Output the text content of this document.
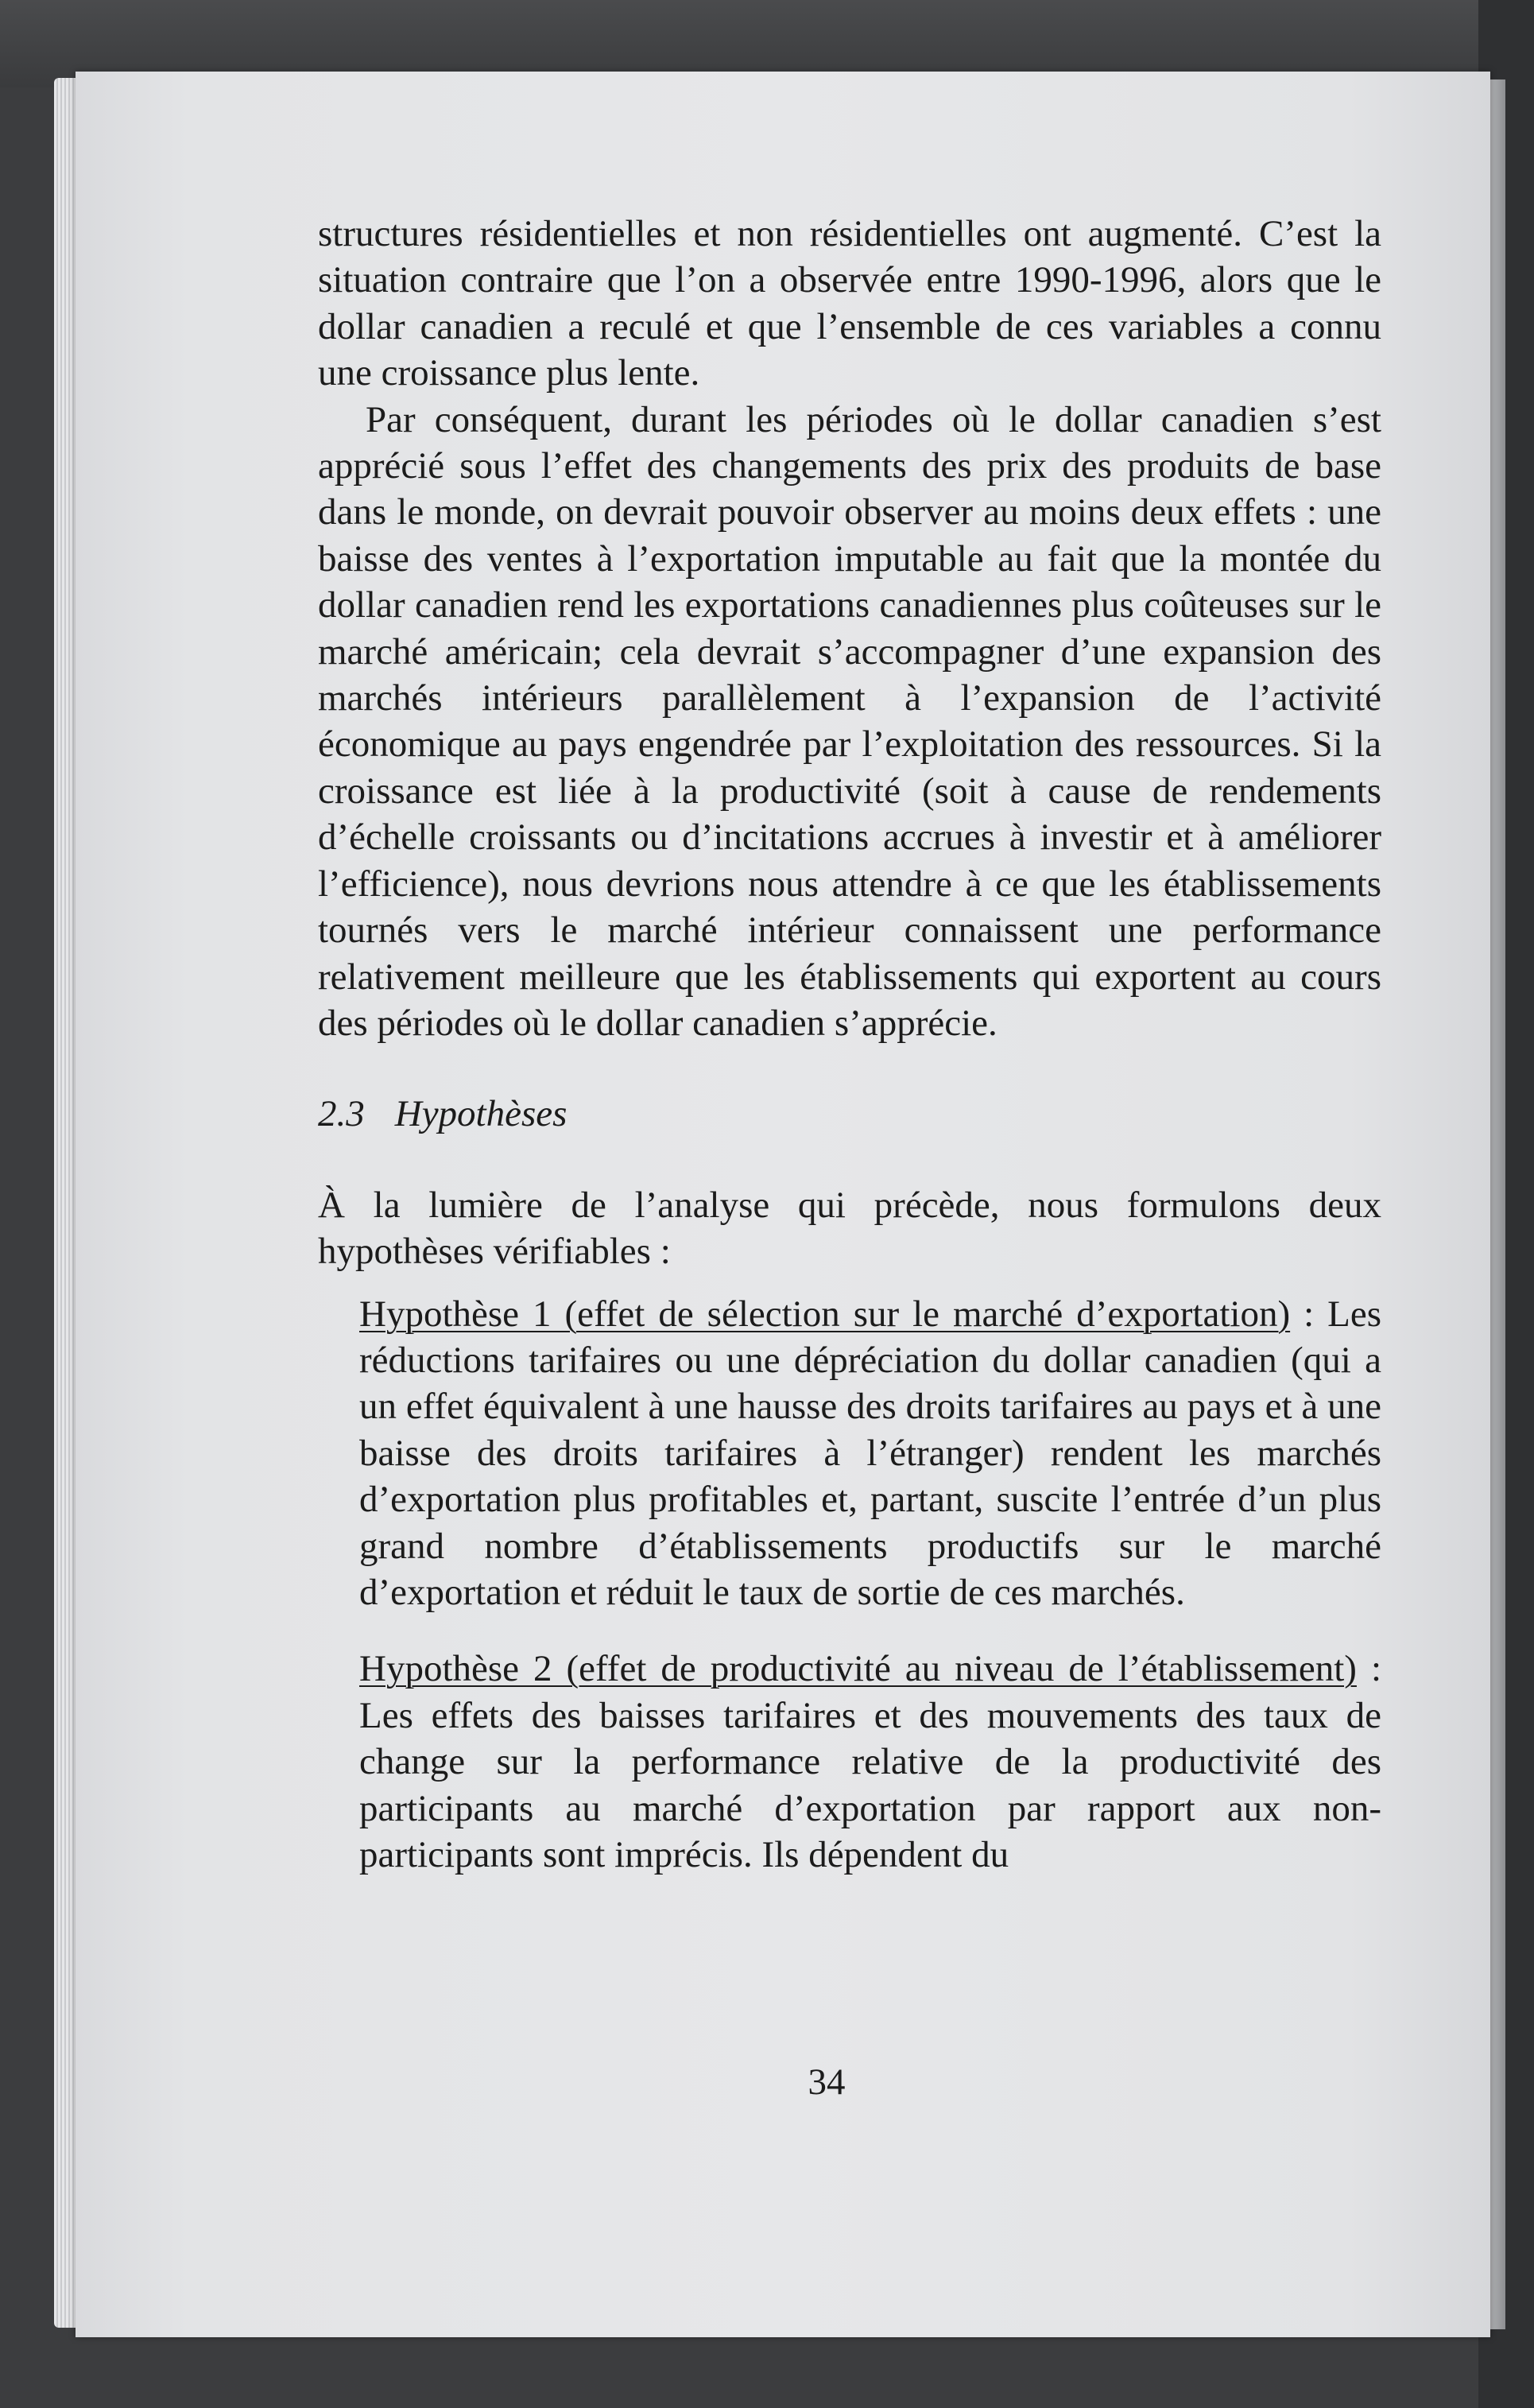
structures résidentielles et non résidentielles ont augmenté. C’est la situation contraire que l’on a observée entre 1990-1996, alors que le dollar canadien a reculé et que l’ensemble de ces variables a connu une croissance plus lente.

Par conséquent, durant les périodes où le dollar canadien s’est apprécié sous l’effet des changements des prix des produits de base dans le monde, on devrait pouvoir observer au moins deux effets : une baisse des ventes à l’exportation imputable au fait que la montée du dollar canadien rend les exportations canadiennes plus coûteuses sur le marché américain; cela devrait s’accompagner d’une expansion des marchés intérieurs parallèlement à l’expansion de l’activité économique au pays engendrée par l’exploitation des ressources. Si la croissance est liée à la productivité (soit à cause de rendements d’échelle croissants ou d’incitations accrues à investir et à améliorer l’efficience), nous devrions nous attendre à ce que les établissements tournés vers le marché intérieur connaissent une performance relativement meilleure que les établissements qui exportent au cours des périodes où le dollar canadien s’apprécie.

2.3 Hypothèses

À la lumière de l’analyse qui précède, nous formulons deux hypothèses vérifiables :

Hypothèse 1 (effet de sélection sur le marché d’exportation) : Les réductions tarifaires ou une dépréciation du dollar canadien (qui a un effet équivalent à une hausse des droits tarifaires au pays et à une baisse des droits tarifaires à l’étranger) rendent les marchés d’exportation plus profitables et, partant, suscite l’entrée d’un plus grand nombre d’établissements productifs sur le marché d’exportation et réduit le taux de sortie de ces marchés.

Hypothèse 2 (effet de productivité au niveau de l’établissement) : Les effets des baisses tarifaires et des mouvements des taux de change sur la performance relative de la productivité des participants au marché d’exportation par rapport aux non-participants sont imprécis. Ils dépendent du

34
